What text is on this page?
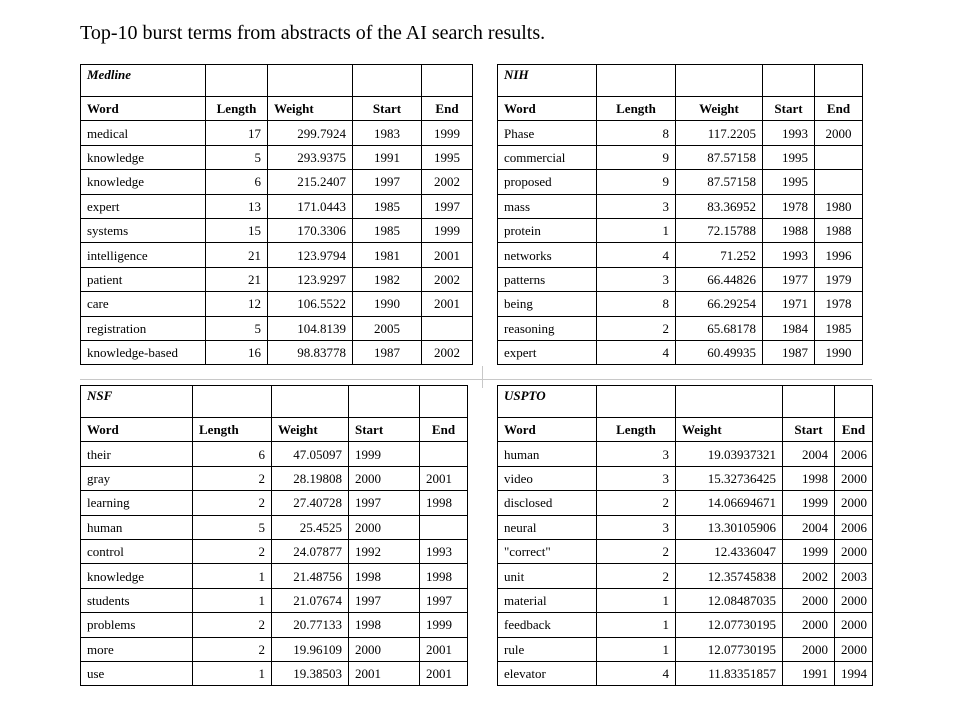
Top-10 burst terms from abstracts of the AI search results.
Medline				
Word	Length	Weight	Start	End
medical	17	299.7924	1983	1999
knowledge	5	293.9375	1991	1995
knowledge	6	215.2407	1997	2002
expert	13	171.0443	1985	1997
systems	15	170.3306	1985	1999
intelligence	21	123.9794	1981	2001
patient	21	123.9297	1982	2002
care	12	106.5522	1990	2001
registration	5	104.8139	2005	
knowledge-based	16	98.83778	1987	2002
NIH				
Word	Length	Weight	Start	End
Phase	8	117.2205	1993	2000
commercial	9	87.57158	1995	
proposed	9	87.57158	1995	
mass	3	83.36952	1978	1980
protein	1	72.15788	1988	1988
networks	4	71.252	1993	1996
patterns	3	66.44826	1977	1979
being	8	66.29254	1971	1978
reasoning	2	65.68178	1984	1985
expert	4	60.49935	1987	1990
NSF				
Word	Length	Weight	Start	End
their	6	47.05097	1999	
gray	2	28.19808	2000	2001
learning	2	27.40728	1997	1998
human	5	25.4525	2000	
control	2	24.07877	1992	1993
knowledge	1	21.48756	1998	1998
students	1	21.07674	1997	1997
problems	2	20.77133	1998	1999
more	2	19.96109	2000	2001
use	1	19.38503	2001	2001
USPTO				
Word	Length	Weight	Start	End
human	3	19.03937321	2004	2006
video	3	15.32736425	1998	2000
disclosed	2	14.06694671	1999	2000
neural	3	13.30105906	2004	2006
"correct"	2	12.4336047	1999	2000
unit	2	12.35745838	2002	2003
material	1	12.08487035	2000	2000
feedback	1	12.07730195	2000	2000
rule	1	12.07730195	2000	2000
elevator	4	11.83351857	1991	1994
